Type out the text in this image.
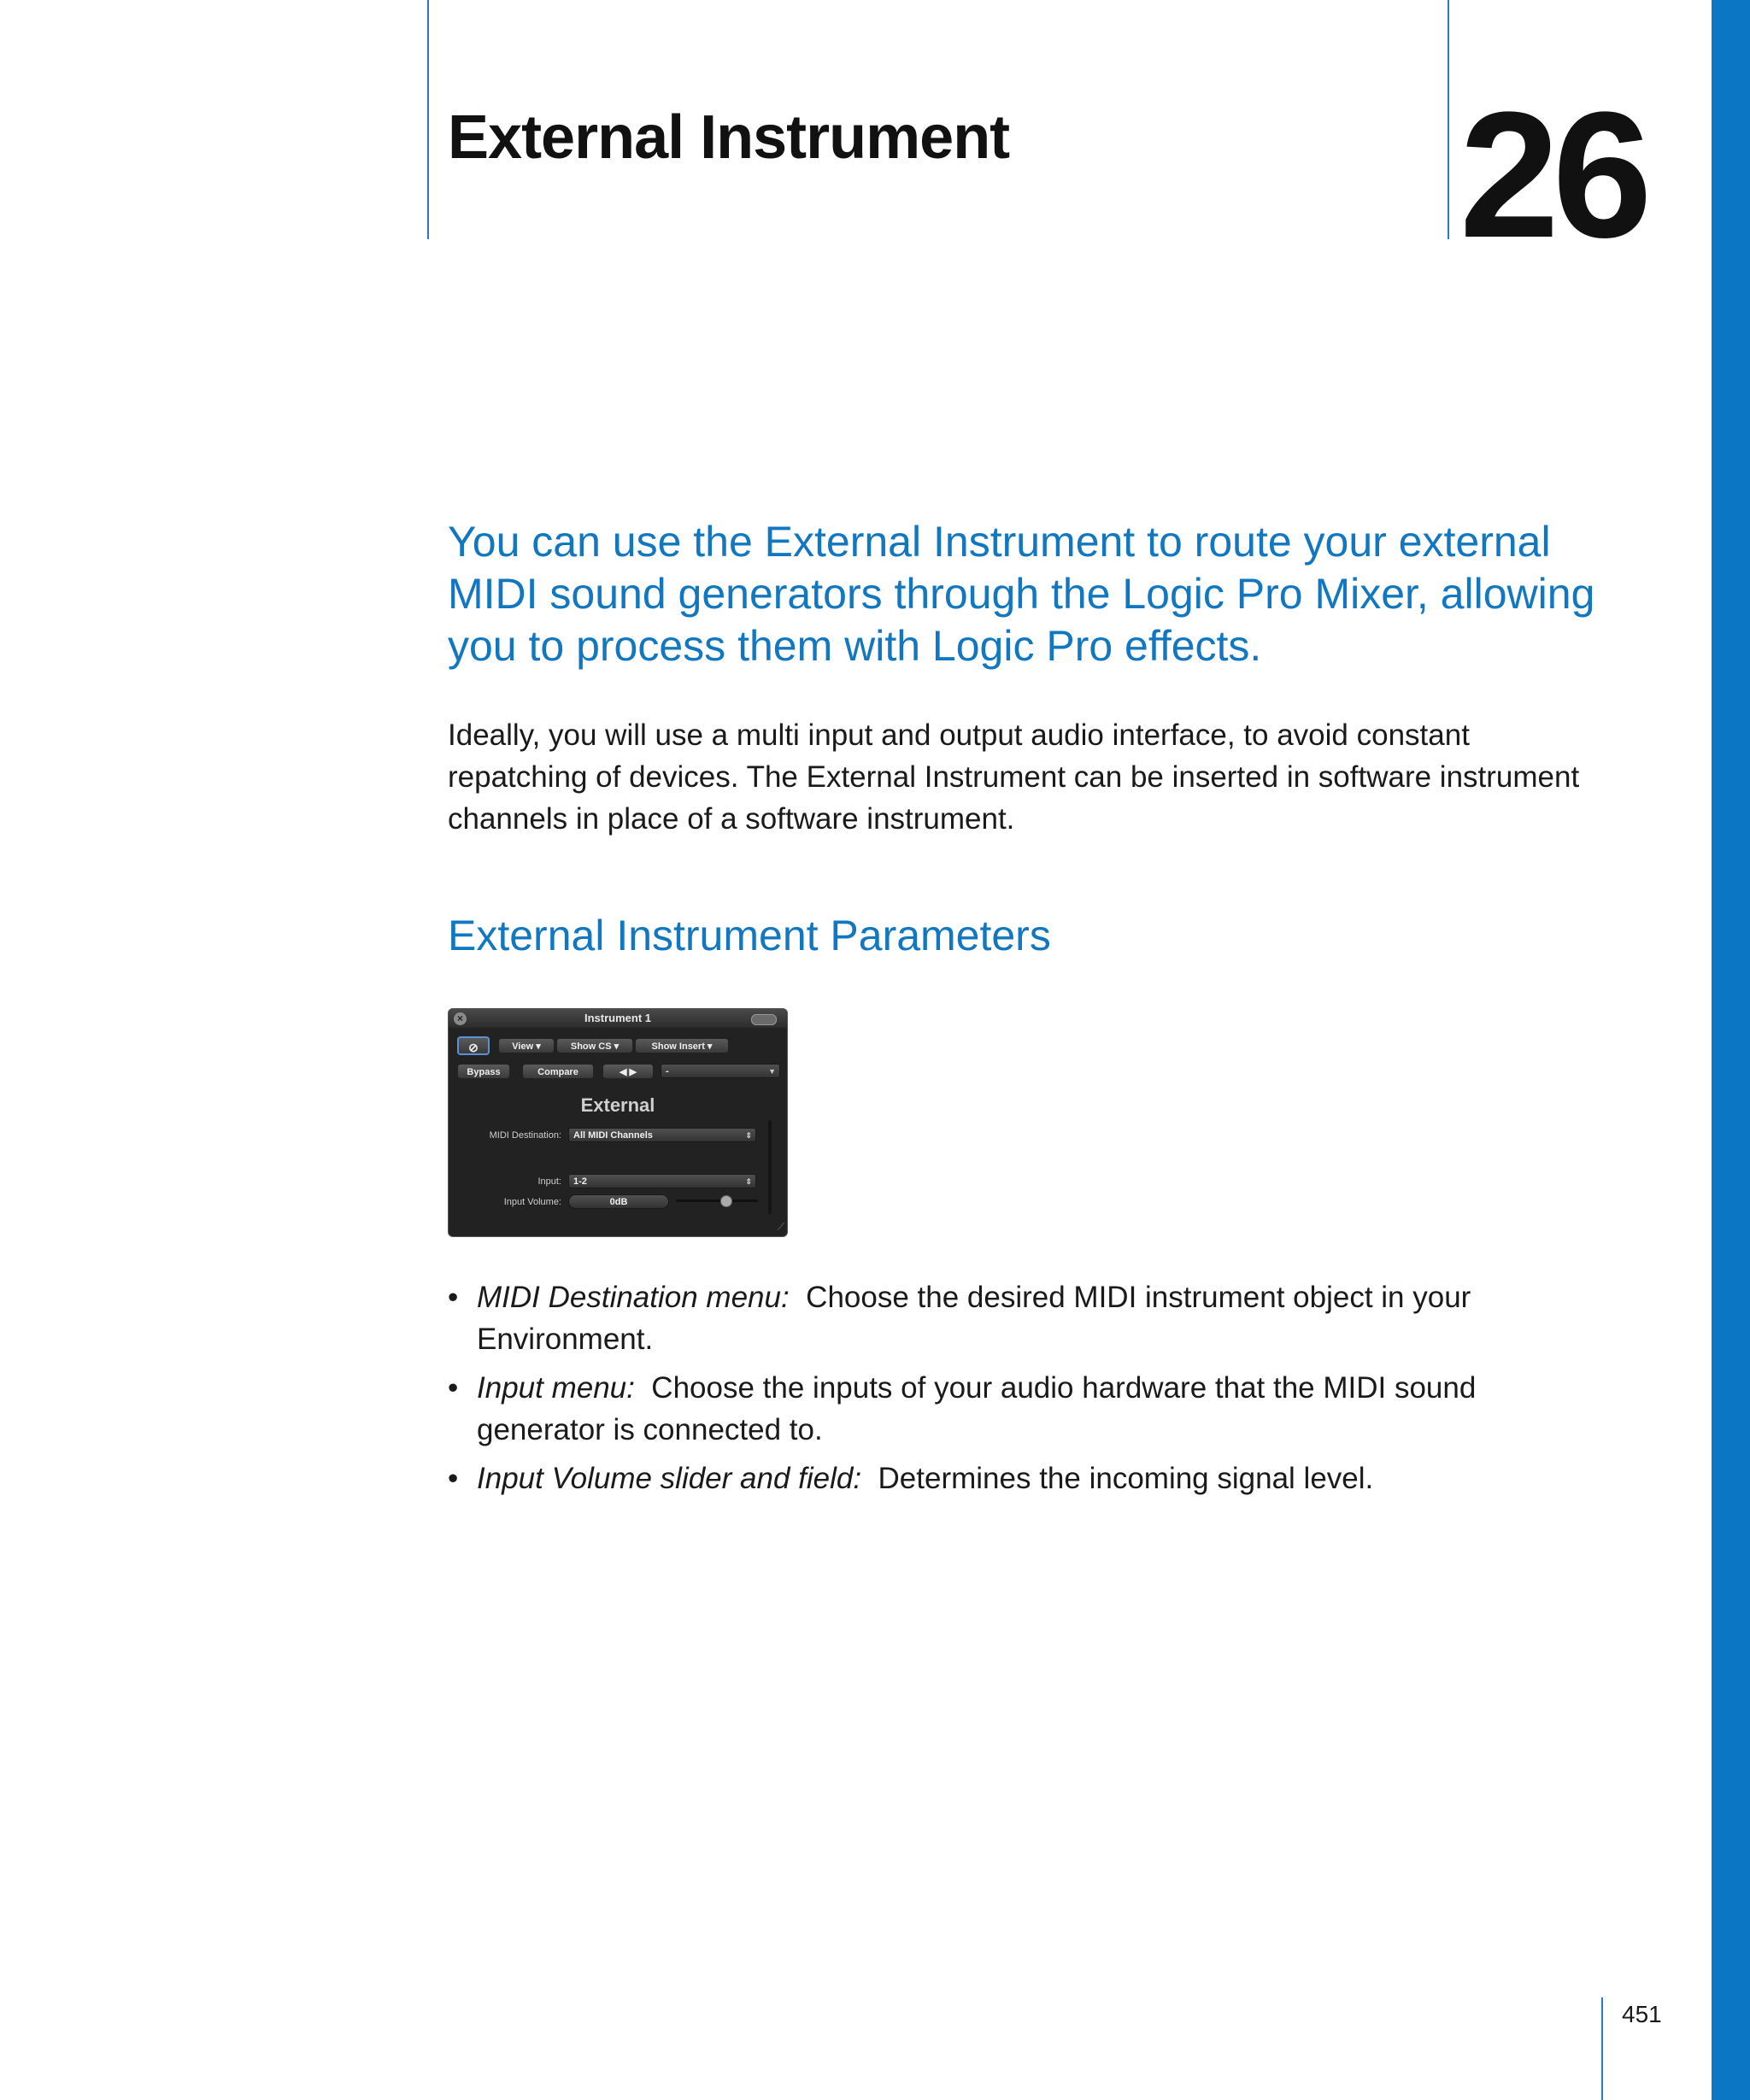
External Instrument	26

You can use the External Instrument to route your external MIDI sound generators through the Logic Pro Mixer, allowing you to process them with Logic Pro effects.

Ideally, you will use a multi input and output audio interface, to avoid constant repatching of devices. The External Instrument can be inserted in software instrument channels in place of a software instrument.

External Instrument Parameters
Instrument 1
×
⊘	View ▾	Show CS ▾	Show Insert ▾
Bypass	Compare	◀ ▶	-	▼
External
MIDI Destination:	All MIDI Channels	⇕
Input:	1-2	⇕
Input Volume:	0dB
⟋
• MIDI Destination menu: Choose the desired MIDI instrument object in your Environment.
• Input menu: Choose the inputs of your audio hardware that the MIDI sound generator is connected to.
• Input Volume slider and field: Determines the incoming signal level.
451
